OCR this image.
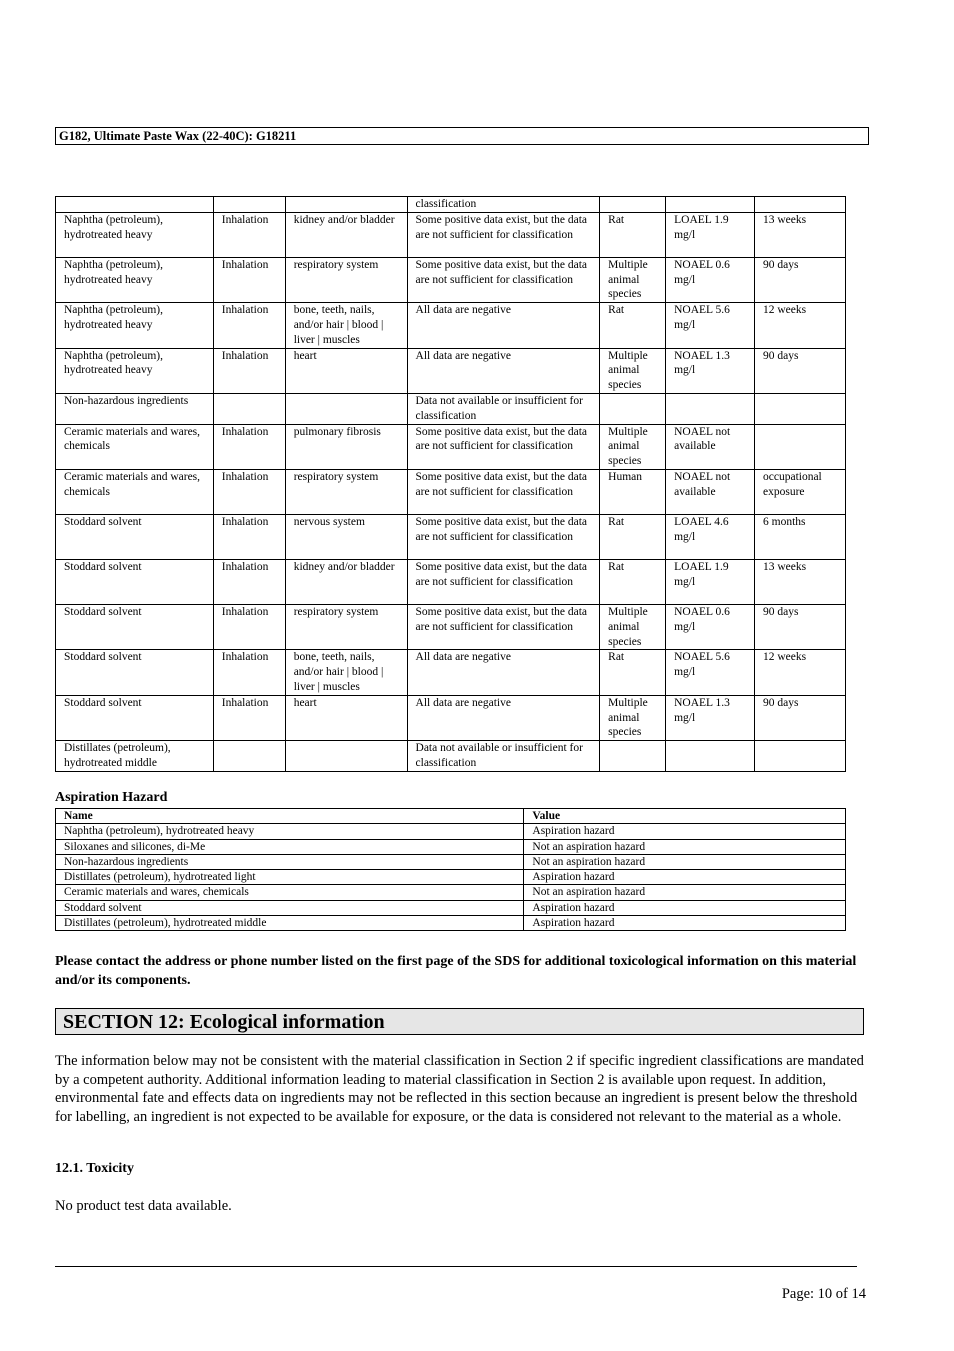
G182, Ultimate Paste Wax (22-40C): G18211
			classification			
Naphtha (petroleum), hydrotreated heavy	Inhalation	kidney and/or bladder	Some positive data exist, but the data are not sufficient for classification	Rat	LOAEL 1.9 mg/l	13 weeks
Naphtha (petroleum), hydrotreated heavy	Inhalation	respiratory system	Some positive data exist, but the data are not sufficient for classification	Multiple animal species	NOAEL 0.6 mg/l	90 days
Naphtha (petroleum), hydrotreated heavy	Inhalation	bone, teeth, nails, and/or hair | blood | liver | muscles	All data are negative	Rat	NOAEL 5.6 mg/l	12 weeks
Naphtha (petroleum), hydrotreated heavy	Inhalation	heart	All data are negative	Multiple animal species	NOAEL 1.3 mg/l	90 days
Non-hazardous ingredients			Data not available or insufficient for classification			
Ceramic materials and wares, chemicals	Inhalation	pulmonary fibrosis	Some positive data exist, but the data are not sufficient for classification	Multiple animal species	NOAEL not available	
Ceramic materials and wares, chemicals	Inhalation	respiratory system	Some positive data exist, but the data are not sufficient for classification	Human	NOAEL not available	occupational exposure
Stoddard solvent	Inhalation	nervous system	Some positive data exist, but the data are not sufficient for classification	Rat	LOAEL 4.6 mg/l	6 months
Stoddard solvent	Inhalation	kidney and/or bladder	Some positive data exist, but the data are not sufficient for classification	Rat	LOAEL 1.9 mg/l	13 weeks
Stoddard solvent	Inhalation	respiratory system	Some positive data exist, but the data are not sufficient for classification	Multiple animal species	NOAEL 0.6 mg/l	90 days
Stoddard solvent	Inhalation	bone, teeth, nails, and/or hair | blood | liver | muscles	All data are negative	Rat	NOAEL 5.6 mg/l	12 weeks
Stoddard solvent	Inhalation	heart	All data are negative	Multiple animal species	NOAEL 1.3 mg/l	90 days
Distillates (petroleum), hydrotreated middle			Data not available or insufficient for classification			
Aspiration Hazard
Name	Value
Naphtha (petroleum), hydrotreated heavy	Aspiration hazard
Siloxanes and silicones, di-Me	Not an aspiration hazard
Non-hazardous ingredients	Not an aspiration hazard
Distillates (petroleum), hydrotreated light	Aspiration hazard
Ceramic materials and wares, chemicals	Not an aspiration hazard
Stoddard solvent	Aspiration hazard
Distillates (petroleum), hydrotreated middle	Aspiration hazard
Please contact the address or phone number listed on the first page of the SDS for additional toxicological information on this material and/or its components.
SECTION 12: Ecological information
The information below may not be consistent with the material classification in Section 2 if specific ingredient classifications are mandated by a competent authority. Additional information leading to material classification in Section 2 is available upon request. In addition, environmental fate and effects data on ingredients may not be reflected in this section because an ingredient is present below the threshold for labelling, an ingredient is not expected to be available for exposure, or the data is considered not relevant to the material as a whole.
12.1. Toxicity
No product test data available.
Page: 10 of 14
